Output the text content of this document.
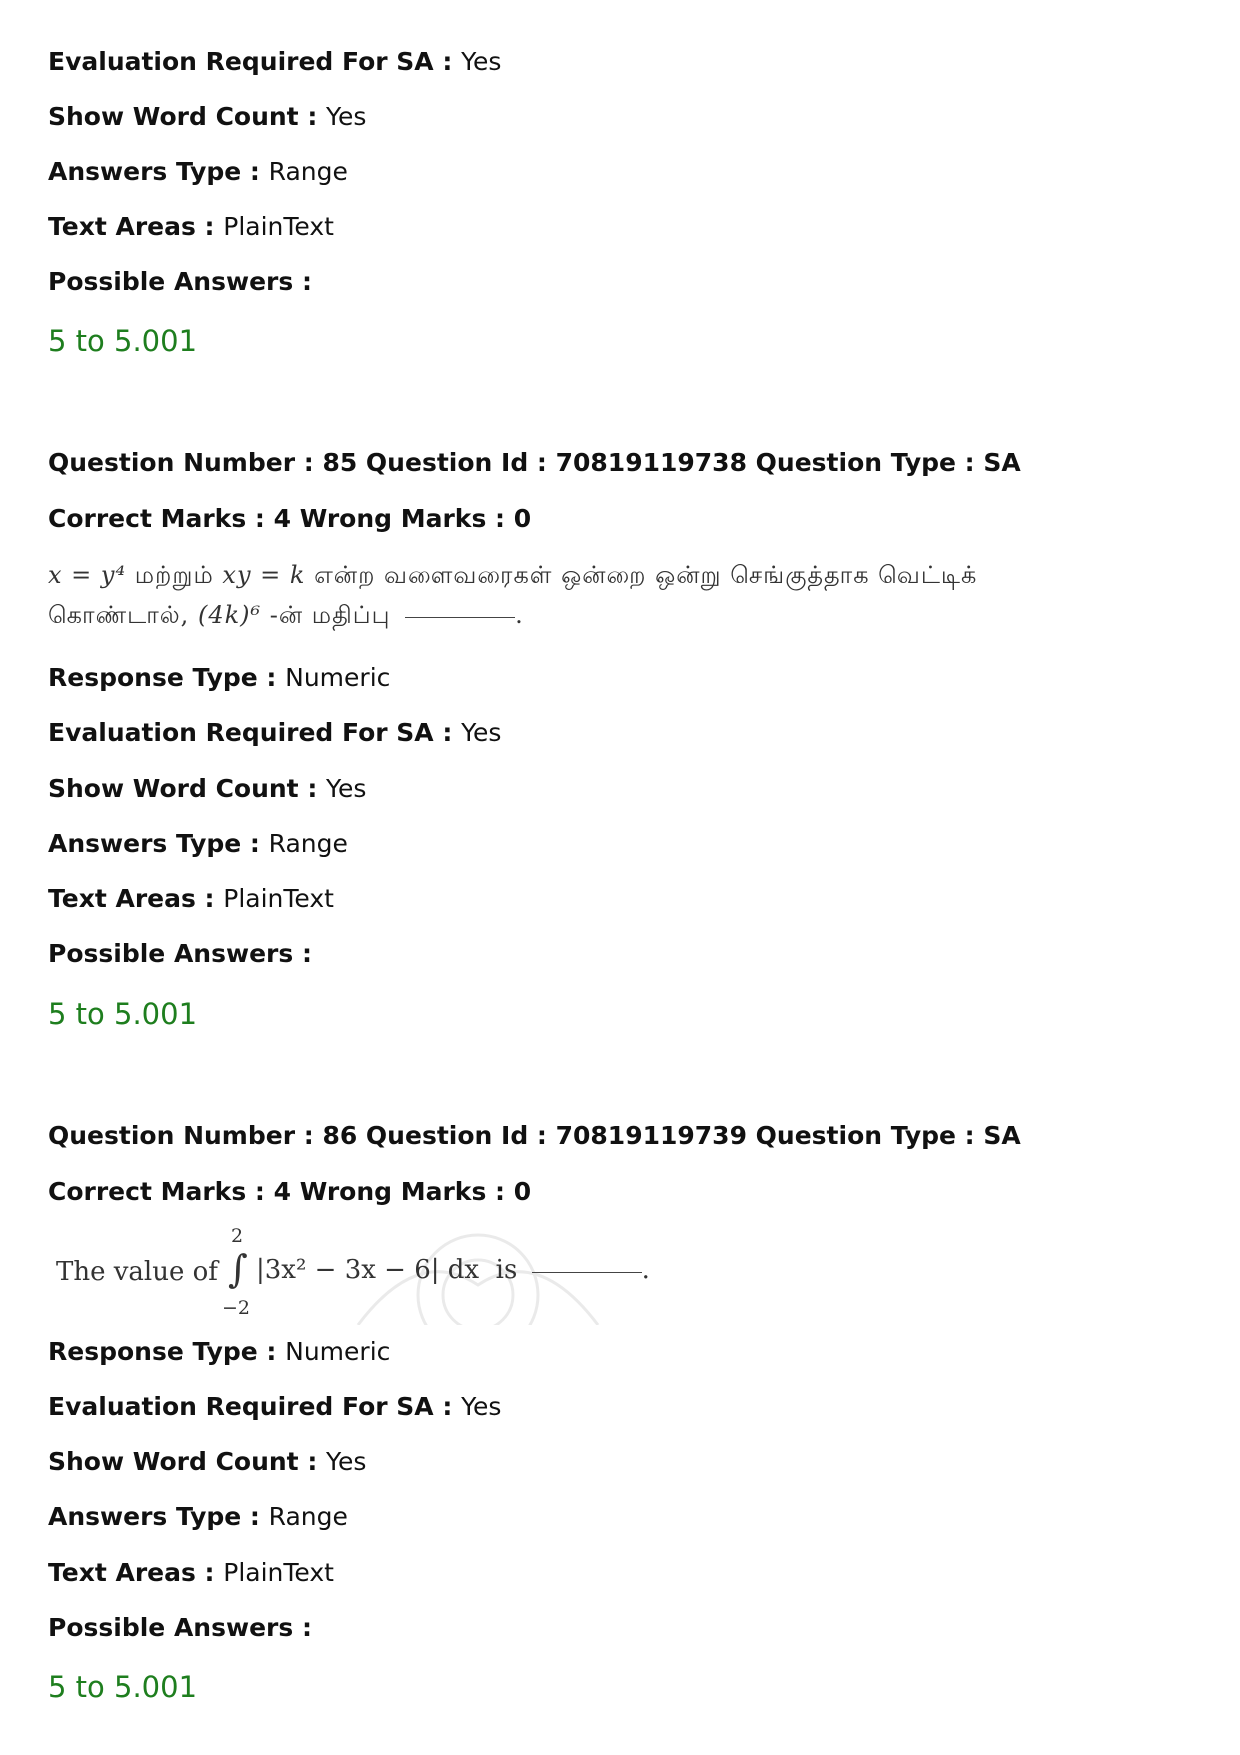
Evaluation Required For SA : Yes
Show Word Count : Yes
Answers Type : Range
Text Areas : PlainText
Possible Answers :
5 to 5.001
Question Number : 85 Question Id : 70819119738 Question Type : SA
Correct Marks : 4 Wrong Marks : 0
x = y⁴ மற்றும் xy = k என்ற வளைவரைகள் ஒன்றை ஒன்று செங்குத்தாக வெட்டிக்
கொண்டால், (4k)⁶ -ன் மதிப்பு	.
Response Type : Numeric
Evaluation Required For SA : Yes
Show Word Count : Yes
Answers Type : Range
Text Areas : PlainText
Possible Answers :
5 to 5.001
Question Number : 86 Question Id : 70819119739 Question Type : SA
Correct Marks : 4 Wrong Marks : 0
The value of
2
∫
−2
|3x² − 3x − 6| dx is	.
Response Type : Numeric
Evaluation Required For SA : Yes
Show Word Count : Yes
Answers Type : Range
Text Areas : PlainText
Possible Answers :
5 to 5.001
